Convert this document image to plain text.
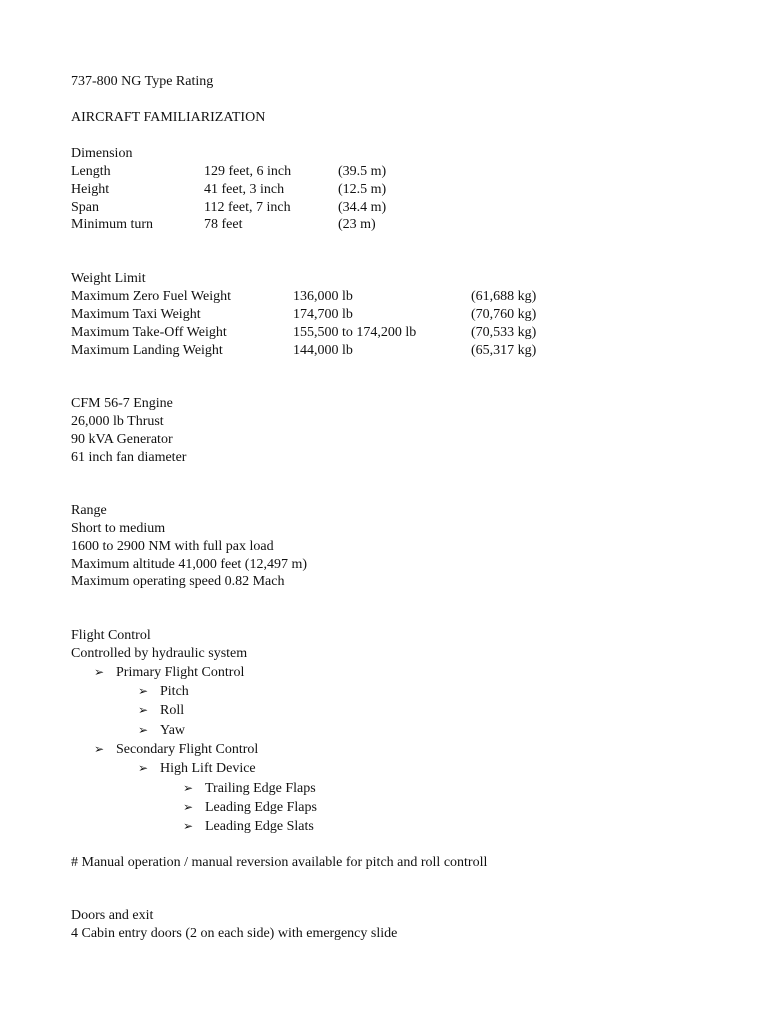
737-800 NG Type Rating
AIRCRAFT FAMILIARIZATION
Dimension
Length	129 feet, 6 inch	(39.5 m)
Height	41 feet, 3 inch	(12.5 m)
Span	112 feet, 7 inch	(34.4 m)
Minimum turn	78 feet	(23 m)
Weight Limit
Maximum Zero Fuel Weight	136,000 lb	(61,688 kg)
Maximum Taxi Weight	174,700 lb	(70,760 kg)
Maximum Take-Off Weight	155,500 to 174,200 lb	(70,533 kg)
Maximum Landing Weight	144,000 lb	(65,317 kg)
CFM 56-7 Engine
26,000 lb Thrust
90 kVA Generator
61 inch fan diameter
Range
Short to medium
1600 to 2900 NM with full pax load
Maximum altitude 41,000 feet (12,497 m)
Maximum operating speed 0.82 Mach
Flight Control
Controlled by hydraulic system
➢ Primary Flight Control
➢ Pitch
➢ Roll
➢ Yaw
➢ Secondary Flight Control
➢ High Lift Device
➢ Trailing Edge Flaps
➢ Leading Edge Flaps
➢ Leading Edge Slats
# Manual operation / manual reversion available for pitch and roll controll
Doors and exit
4 Cabin entry doors (2 on each side) with emergency slide
